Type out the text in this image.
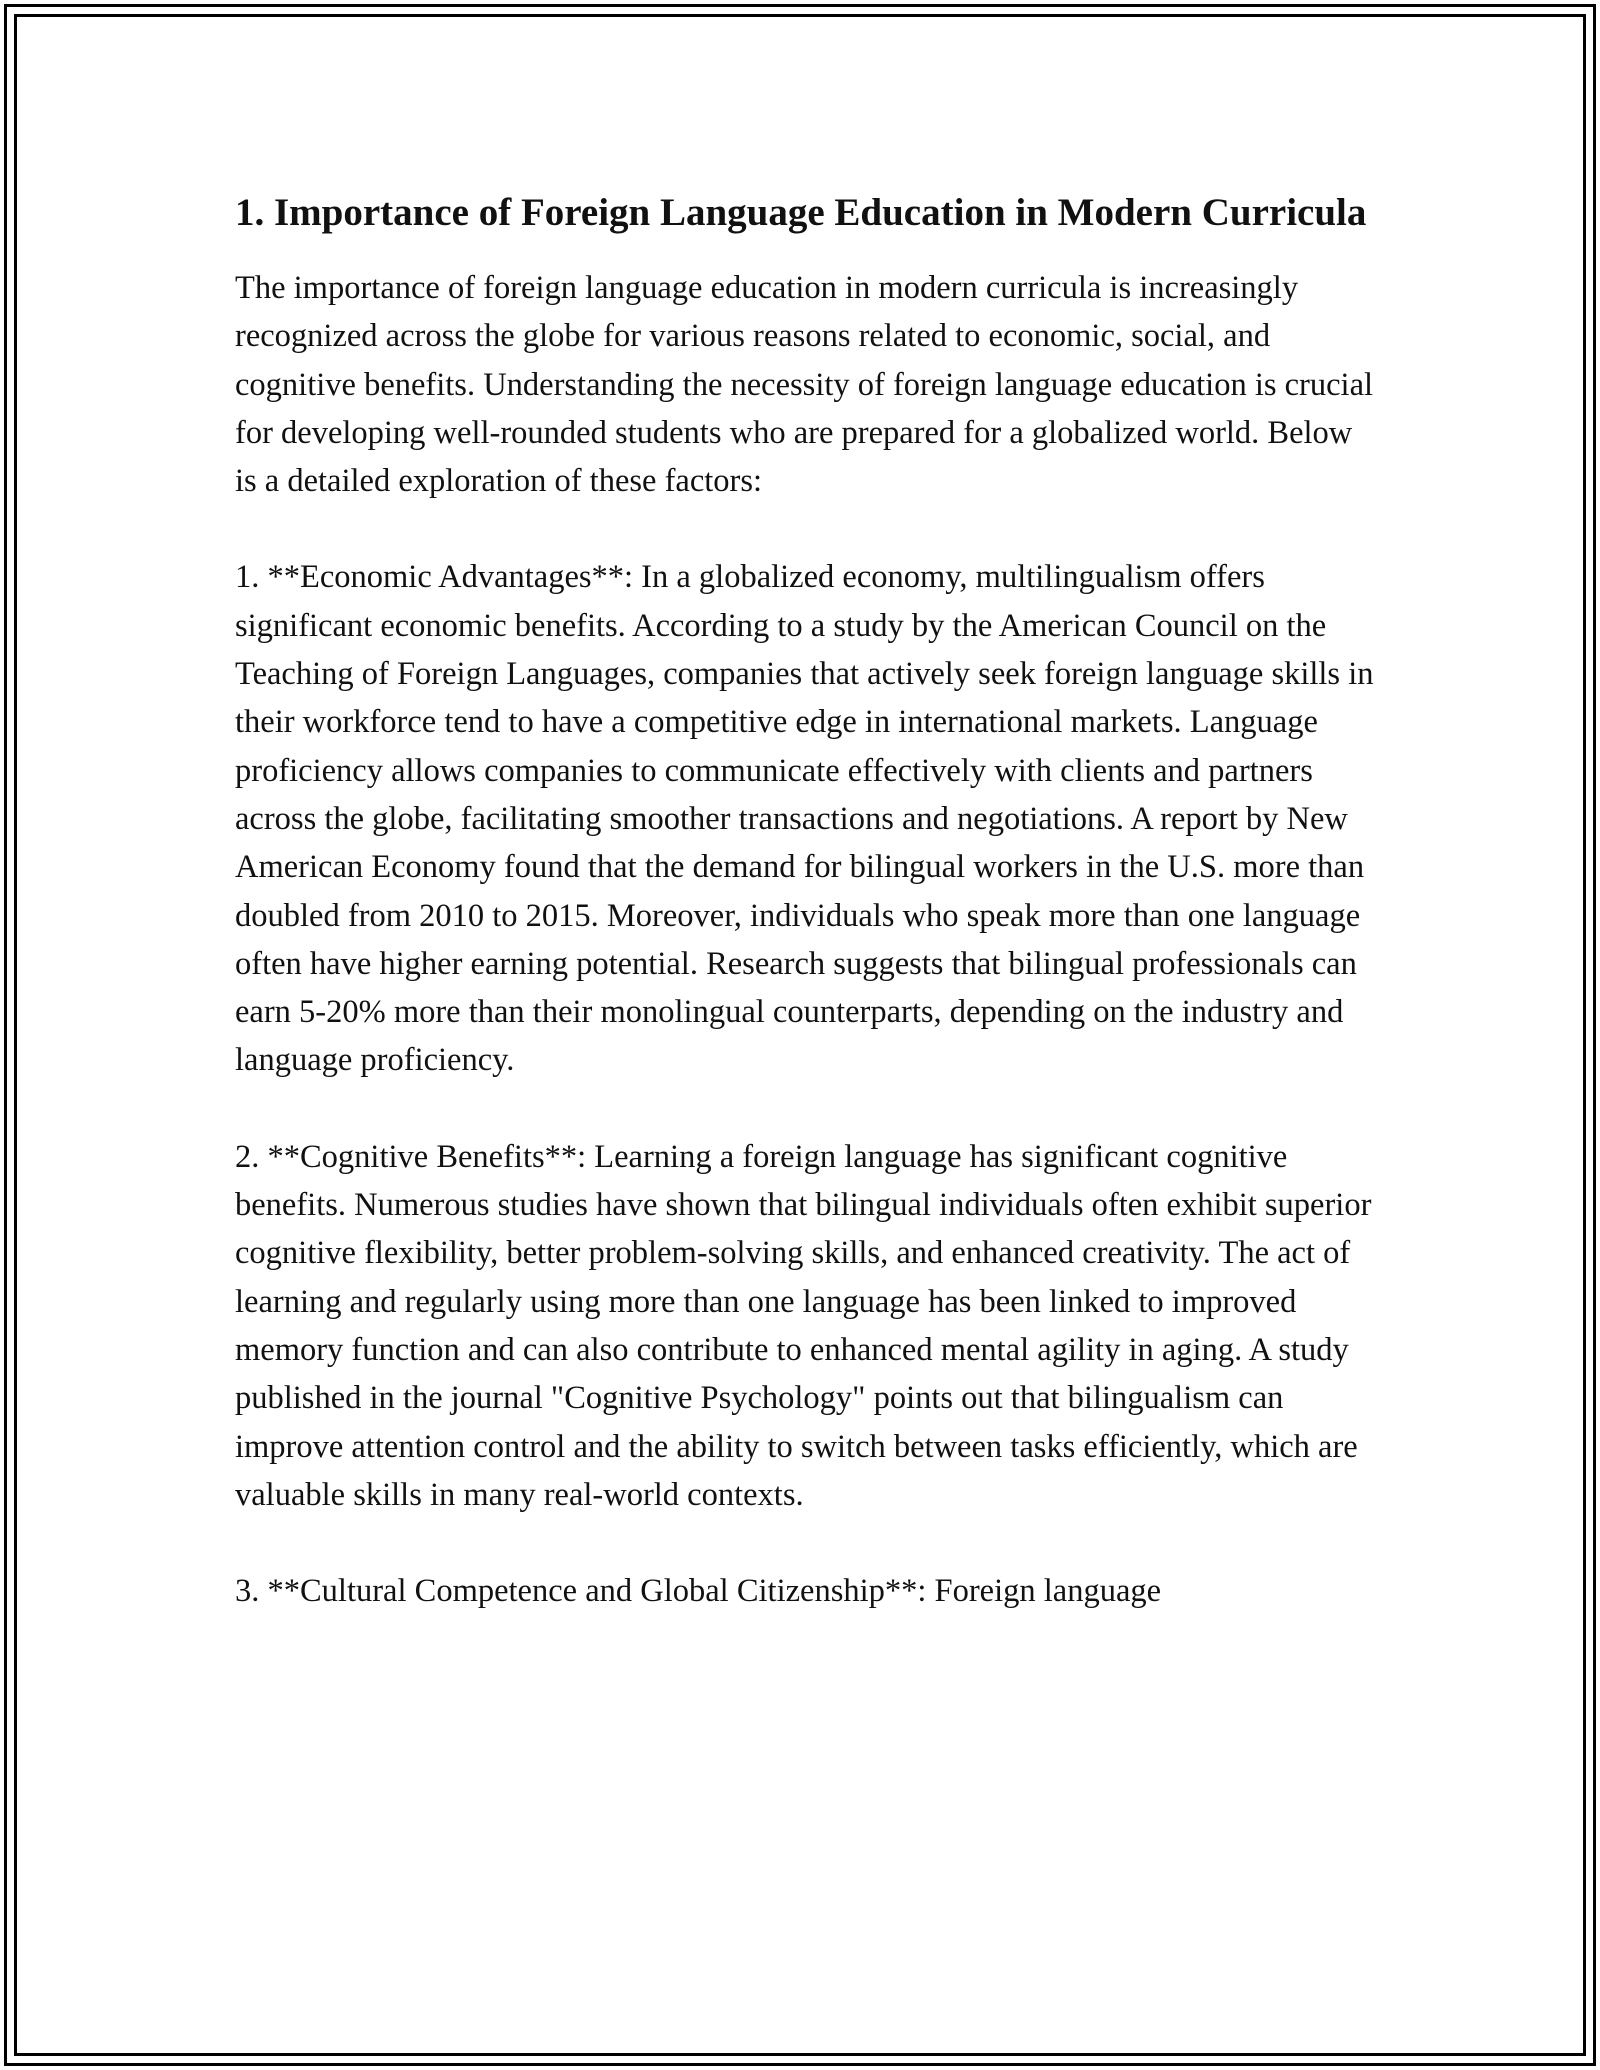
1. Importance of Foreign Language Education in Modern Curricula

The importance of foreign language education in modern curricula is increasingly recognized across the globe for various reasons related to economic, social, and cognitive benefits. Understanding the necessity of foreign language education is crucial for developing well-rounded students who are prepared for a globalized world. Below is a detailed exploration of these factors:

1. **Economic Advantages**: In a globalized economy, multilingualism offers significant economic benefits. According to a study by the American Council on the Teaching of Foreign Languages, companies that actively seek foreign language skills in their workforce tend to have a competitive edge in international markets. Language proficiency allows companies to communicate effectively with clients and partners across the globe, facilitating smoother transactions and negotiations. A report by New American Economy found that the demand for bilingual workers in the U.S. more than doubled from 2010 to 2015. Moreover, individuals who speak more than one language often have higher earning potential. Research suggests that bilingual professionals can earn 5-20% more than their monolingual counterparts, depending on the industry and language proficiency.

2. **Cognitive Benefits**: Learning a foreign language has significant cognitive benefits. Numerous studies have shown that bilingual individuals often exhibit superior cognitive flexibility, better problem-solving skills, and enhanced creativity. The act of learning and regularly using more than one language has been linked to improved memory function and can also contribute to enhanced mental agility in aging. A study published in the journal "Cognitive Psychology" points out that bilingualism can improve attention control and the ability to switch between tasks efficiently, which are valuable skills in many real-world contexts.

3. **Cultural Competence and Global Citizenship**: Foreign language
